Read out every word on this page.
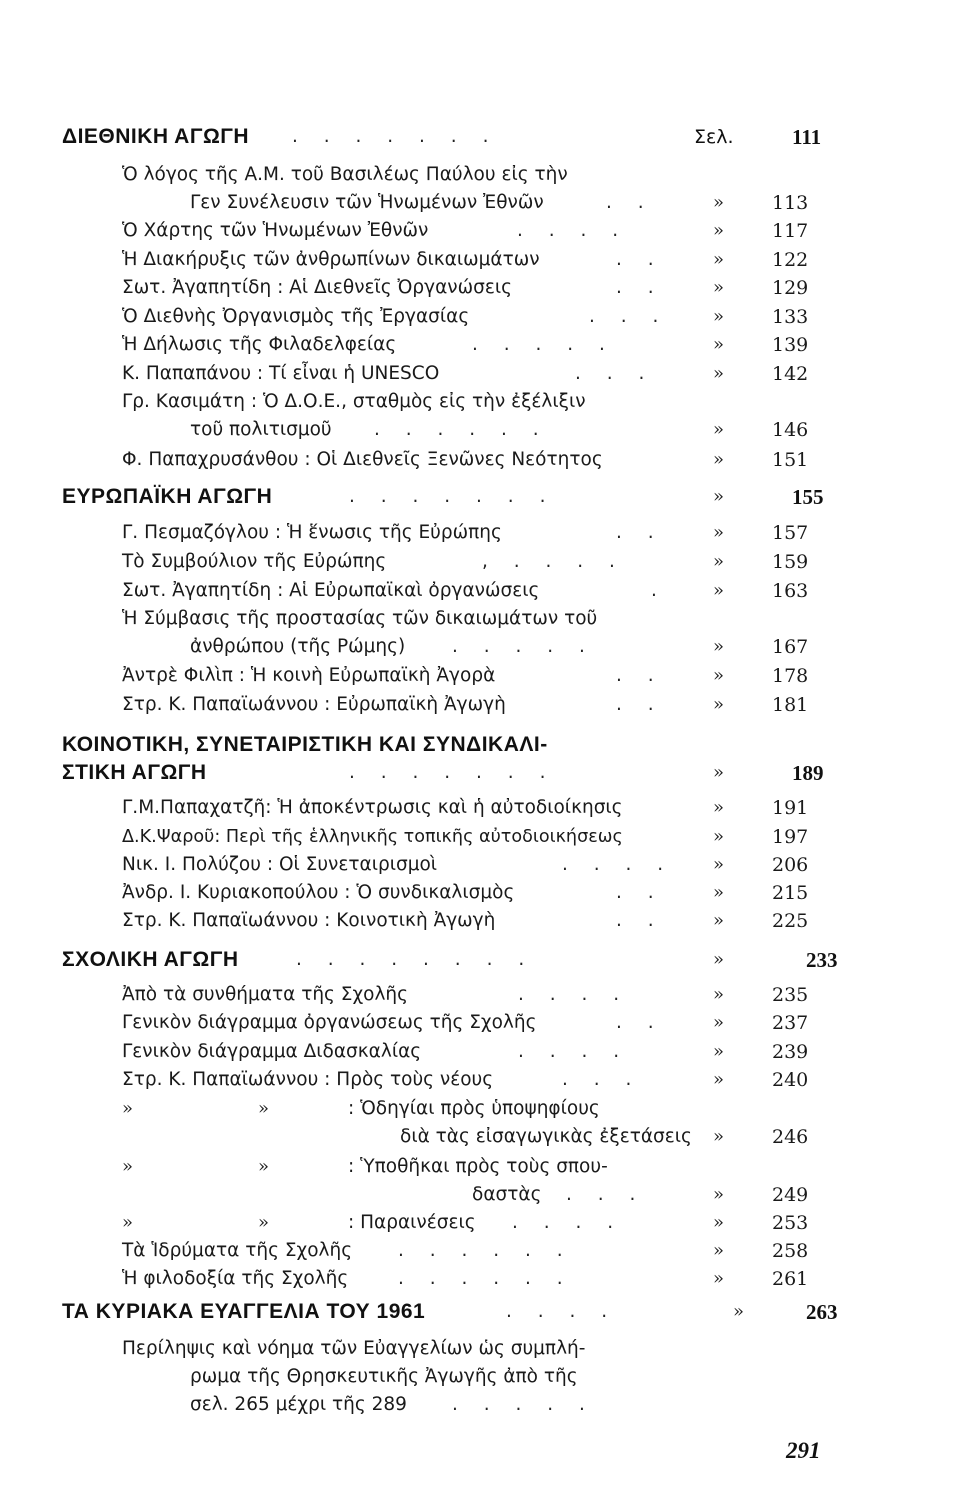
ΔΙΕΘΝΙΚΗ ΑΓΩΓΗ . . . . . . .	Σελ.	111
Ὁ λόγος τῆς Α.Μ. τοῦ Βασιλέως Παύλου εἰς τὴν
Γεν Συνέλευσιν τῶν Ἡνωμένων Ἐθνῶν	. .	»	113
Ὁ Χάρτης τῶν Ἡνωμένων Ἐθνῶν	. . . .	»	117
Ἡ Διακήρυξις τῶν ἀνθρωπίνων δικαιωμάτων	. .	»	122
Σωτ. Ἀγαπητίδη : Αἱ Διεθνεῖς Ὀργανώσεις	. .	»	129
Ὁ Διεθνὴς Ὀργανισμὸς τῆς Ἐργασίας	. . . »	133
Ἡ Δήλωσις τῆς Φιλαδελφείας	. . . . .	»	139
Κ. Παπαπάνου : Τί εἶναι ἡ UNESCO	. . .	»	142
Γρ. Κασιμάτη : Ὁ Δ.Ο.Ε., σταθμὸς εἰς τὴν ἐξέλιξιν
τοῦ πολιτισμοῦ . . . . . .	»	146
Φ. Παπαχρυσάνθου : Οἱ Διεθνεῖς Ξενῶνες Νεότητος	»	151
ΕΥΡΩΠΑΪΚΗ ΑΓΩΓΗ	. . . . . . .	»	155
Γ. Πεσμαζόγλου : Ἡ ἕνωσις τῆς Εὐρώπης	. .	»	157
Τὸ Συμβούλιον τῆς Εὐρώπης	, . . . .	»	159
Σωτ. Ἀγαπητίδη : Αἱ Εὐρωπαϊκαὶ ὀργανώσεις	.	»	163
Ἡ Σύμβασις τῆς προστασίας τῶν δικαιωμάτων τοῦ
ἀνθρώπου (τῆς Ρώμης)	. . . . .	»	167
Ἀντρὲ Φιλὶπ : Ἡ κοινὴ Εὐρωπαϊκὴ Ἀγορὰ	. .	»	178
Στρ. Κ. Παπαϊωάννου : Εὐρωπαϊκὴ Ἀγωγὴ	. .	»	181
ΚΟΙΝΟΤΙΚΗ, ΣΥΝΕΤΑΙΡΙΣΤΙΚΗ ΚΑΙ ΣΥΝΔΙΚΑΛΙ-
ΣΤΙΚΗ ΑΓΩΓΗ	. . . . . . .	»	189
Γ.Μ.Παπαχατζῆ: Ἡ ἀποκέντρωσις καὶ ἡ αὐτοδιοίκησις	»	191
Δ.Κ.Ψαροῦ: Περὶ τῆς ἑλληνικῆς τοπικῆς αὐτοδιοικήσεως	»	197
Νικ. Ι. Πολύζου : Οἱ Συνεταιρισμοὶ	. . . . »	206
Ἀνδρ. Ι. Κυριακοπούλου : Ὁ συνδικαλισμὸς	. .	»	215
Στρ. Κ. Παπαϊωάννου : Κοινοτικὴ Ἀγωγὴ	. .	»	225
ΣΧΟΛΙΚΗ ΑΓΩΓΗ	. . . . . . . .	»	233
Ἀπὸ τὰ συνθήματα τῆς Σχολῆς	. . . .	»	235
Γενικὸν διάγραμμα ὀργανώσεως τῆς Σχολῆς	. .	»	237
Γενικὸν διάγραμμα Διδασκαλίας	. . . .	»	239
Στρ. Κ. Παπαϊωάννου : Πρὸς τοὺς νέους	. . .	»	240
»	»	: Ὁδηγίαι πρὸς ὑποψηφίους
διὰ τὰς εἰσαγωγικὰς ἐξετάσεις »	246
»	»	: Ὑποθῆκαι πρὸς τοὺς σπου-
δαστὰς . . .	»	249
»	»	: Παραινέσεις . . . .	»	253
Τὰ Ἱδρύματα τῆς Σχολῆς . . . . . .	»	258
Ἡ φιλοδοξία τῆς Σχολῆς	. . . . . .	»	261
ΤΑ ΚΥΡΙΑΚΑ ΕΥΑΓΓΕΛΙΑ ΤΟΥ 1961	. . . .	»	263
Περίληψις καὶ νόημα τῶν Εὐαγγελίων ὡς συμπλή-
ρωμα τῆς Θρησκευτικῆς Ἀγωγῆς ἀπὸ τῆς
σελ. 265 μέχρι τῆς 289 . . . . .
291
